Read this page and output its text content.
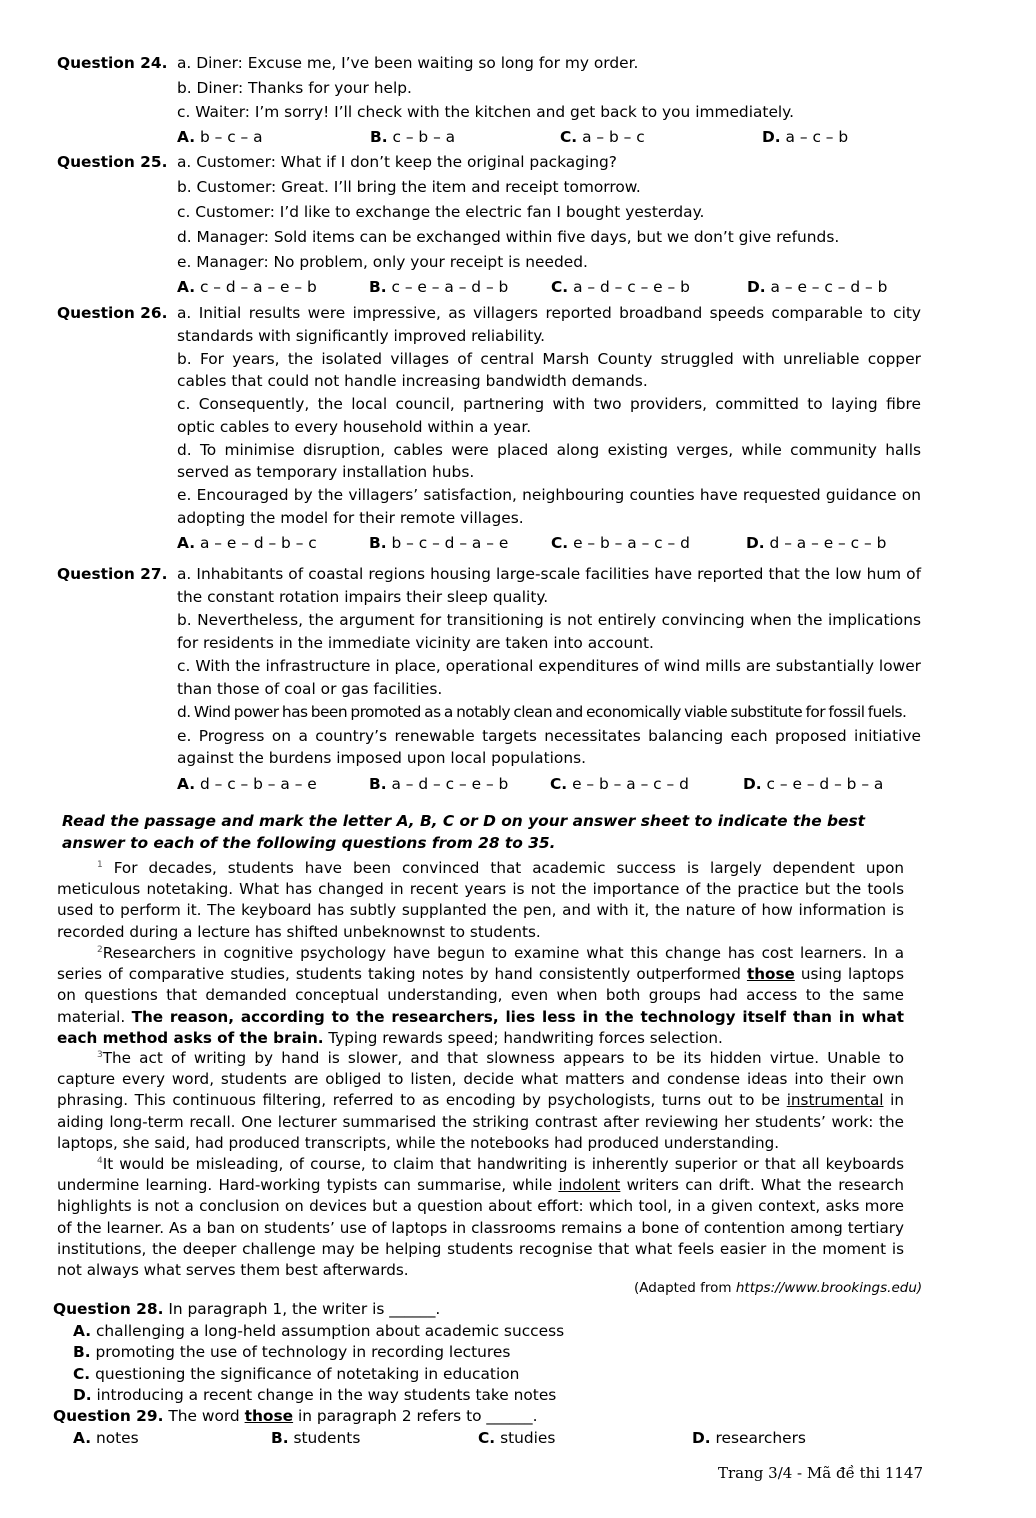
Question 24. a. Diner: Excuse me, I’ve been waiting so long for my order.
b. Diner: Thanks for your help.
c. Waiter: I’m sorry! I’ll check with the kitchen and get back to you immediately.
A. b – c – a	B. c – b – a	C. a – b – c	D. a – c – b
Question 25. a. Customer: What if I don’t keep the original packaging?
b. Customer: Great. I’ll bring the item and receipt tomorrow.
c. Customer: I’d like to exchange the electric fan I bought yesterday.
d. Manager: Sold items can be exchanged within five days, but we don’t give refunds.
e. Manager: No problem, only your receipt is needed.
A. c – d – a – e – b	B. c – e – a – d – b	C. a – d – c – e – b	D. a – e – c – d – b
Question 26. a. Initial results were impressive, as villagers reported broadband speeds comparable to city standards with significantly improved reliability.
b. For years, the isolated villages of central Marsh County struggled with unreliable copper cables that could not handle increasing bandwidth demands.
c. Consequently, the local council, partnering with two providers, committed to laying fibre optic cables to every household within a year.
d. To minimise disruption, cables were placed along existing verges, while community halls served as temporary installation hubs.
e. Encouraged by the villagers’ satisfaction, neighbouring counties have requested guidance on adopting the model for their remote villages.
A. a – e – d – b – c	B. b – c – d – a – e	C. e – b – a – c – d	D. d – a – e – c – b
Question 27. a. Inhabitants of coastal regions housing large-scale facilities have reported that the low hum of the constant rotation impairs their sleep quality.
b. Nevertheless, the argument for transitioning is not entirely convincing when the implications for residents in the immediate vicinity are taken into account.
c. With the infrastructure in place, operational expenditures of wind mills are substantially lower than those of coal or gas facilities.
d. Wind power has been promoted as a notably clean and economically viable substitute for fossil fuels.
e. Progress on a country’s renewable targets necessitates balancing each proposed initiative against the burdens imposed upon local populations.
A. d – c – b – a – e	B. a – d – c – e – b	C. e – b – a – c – d	D. c – e – d – b – a
Read the passage and mark the letter A, B, C or D on your answer sheet to indicate the best answer to each of the following questions from 28 to 35.
$^1$ For decades, students have been convinced that academic success is largely dependent upon meticulous notetaking. What has changed in recent years is not the importance of the practice but the tools used to perform it. The keyboard has subtly supplanted the pen, and with it, the nature of how information is recorded during a lecture has shifted unbeknownst to students.
$^2$Researchers in cognitive psychology have begun to examine what this change has cost learners. In a series of comparative studies, students taking notes by hand consistently outperformed those using laptops on questions that demanded conceptual understanding, even when both groups had access to the same material. The reason, according to the researchers, lies less in the technology itself than in what each method asks of the brain. Typing rewards speed; handwriting forces selection.
$^3$The act of writing by hand is slower, and that slowness appears to be its hidden virtue. Unable to capture every word, students are obliged to listen, decide what matters and condense ideas into their own phrasing. This continuous filtering, referred to as encoding by psychologists, turns out to be instrumental in aiding long-term recall. One lecturer summarised the striking contrast after reviewing her students’ work: the laptops, she said, had produced transcripts, while the notebooks had produced understanding.
$^4$It would be misleading, of course, to claim that handwriting is inherently superior or that all keyboards undermine learning. Hard-working typists can summarise, while indolent writers can drift. What the research highlights is not a conclusion on devices but a question about effort: which tool, in a given context, asks more of the learner. As a ban on students’ use of laptops in classrooms remains a bone of contention among tertiary institutions, the deeper challenge may be helping students recognise that what feels easier in the moment is not always what serves them best afterwards.
(Adapted from https://www.brookings.edu)
Question 28. In paragraph 1, the writer is ______.
A. challenging a long-held assumption about academic success
B. promoting the use of technology in recording lectures
C. questioning the significance of notetaking in education
D. introducing a recent change in the way students take notes
Question 29. The word those in paragraph 2 refers to ______.
A. notes	B. students	C. studies	D. researchers
Trang 3/4 - Mã đề thi 1147
